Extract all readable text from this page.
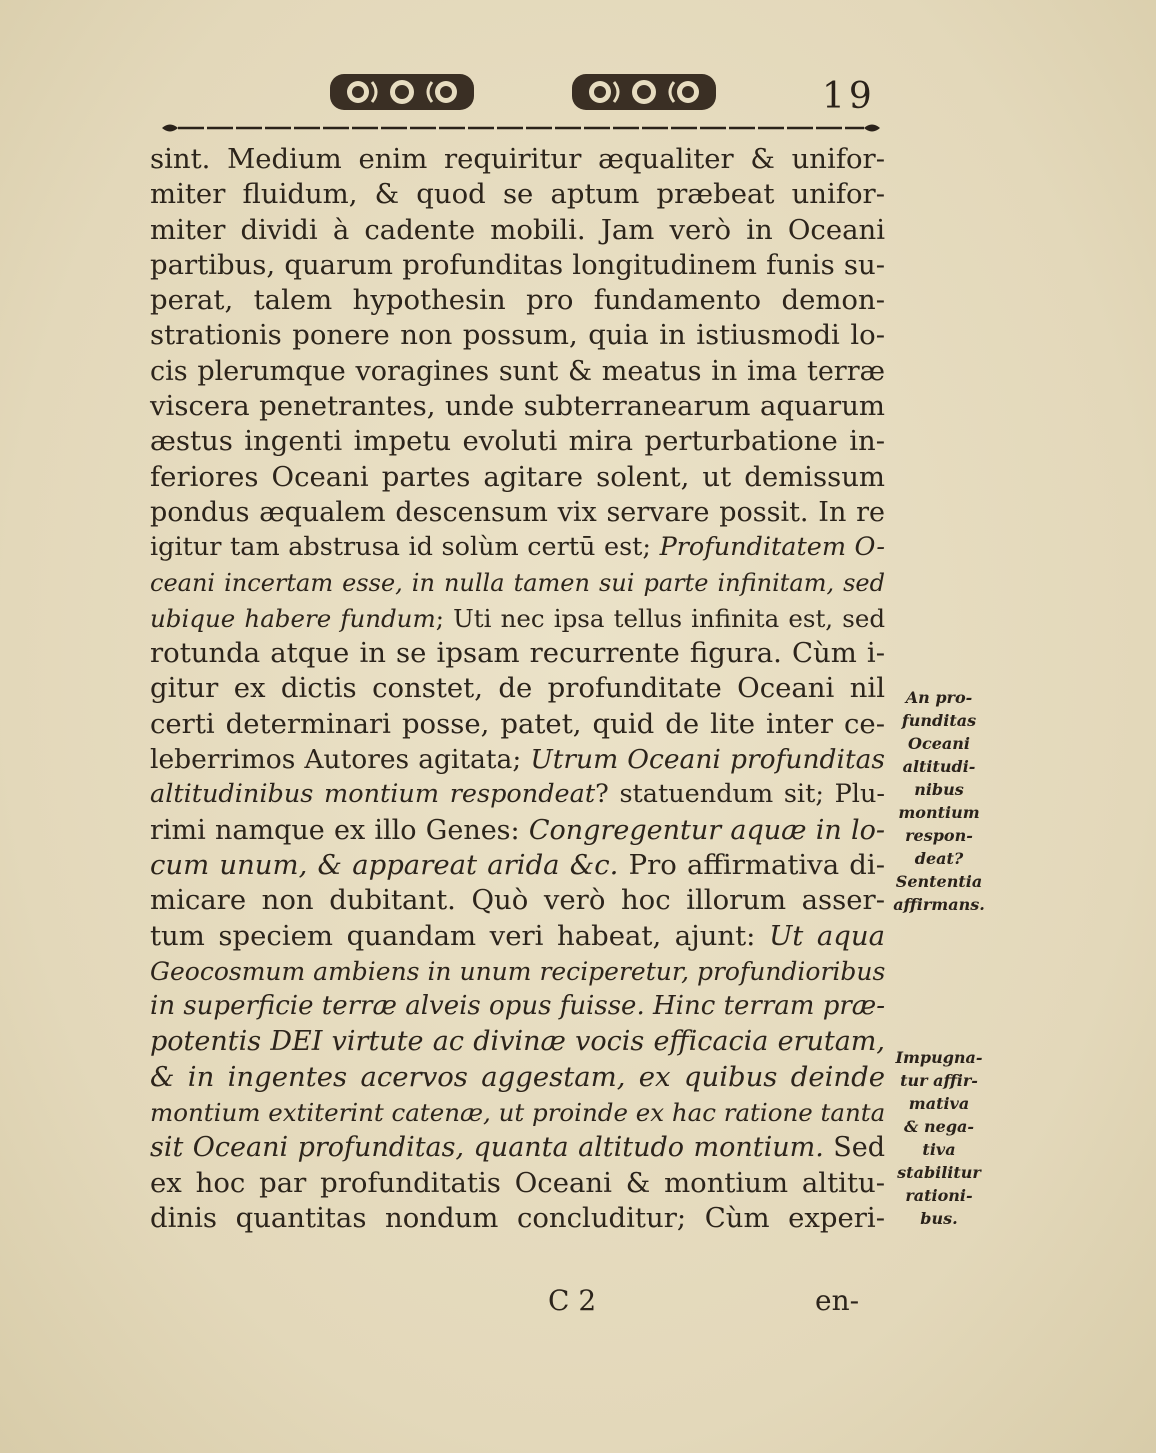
19
sint. Medium enim requiritur æqualiter & unifor-
miter fluidum, & quod se aptum præbeat unifor-
miter dividi à cadente mobili. Jam verò in Oceani
partibus, quarum profunditas longitudinem funis su-
perat, talem hypothesin pro fundamento demon-
strationis ponere non possum, quia in istiusmodi lo-
cis plerumque voragines sunt & meatus in ima terræ
viscera penetrantes, unde subterranearum aquarum
æstus ingenti impetu evoluti mira perturbatione in-
feriores Oceani partes agitare solent, ut demissum
pondus æqualem descensum vix servare possit. In re
igitur tam abstrusa id solùm certū est; Profunditatem O-
ceani incertam esse, in nulla tamen sui parte infinitam, sed
ubique habere fundum; Uti nec ipsa tellus infinita est, sed
rotunda atque in se ipsam recurrente figura. Cùm i-
gitur ex dictis constet, de profunditate Oceani nil
certi determinari posse, patet, quid de lite inter ce-
leberrimos Autores agitata; Utrum Oceani profunditas
altitudinibus montium respondeat? statuendum sit; Plu-
rimi namque ex illo Genes: Congregentur aquæ in lo-
cum unum, & appareat arida &c. Pro affirmativa di-
micare non dubitant. Quò verò hoc illorum asser-
tum speciem quandam veri habeat, ajunt: Ut aqua
Geocosmum ambiens in unum reciperetur, profundioribus
in superficie terræ alveis opus fuisse. Hinc terram præ-
potentis DEI virtute ac divinæ vocis efficacia erutam,
& in ingentes acervos aggestam, ex quibus deinde
montium extiterint catenæ, ut proinde ex hac ratione tanta
sit Oceani profunditas, quanta altitudo montium. Sed
ex hoc par profunditatis Oceani & montium altitu-
dinis quantitas nondum concluditur; Cùm experi-
C 2	en-
An pro-
funditas
Oceani
altitudi-
nibus
montium
respon-
deat?
Sententia
affirmans.
Impugna-
tur affir-
mativa
& nega-
tiva
stabilitur
rationi-
bus.
